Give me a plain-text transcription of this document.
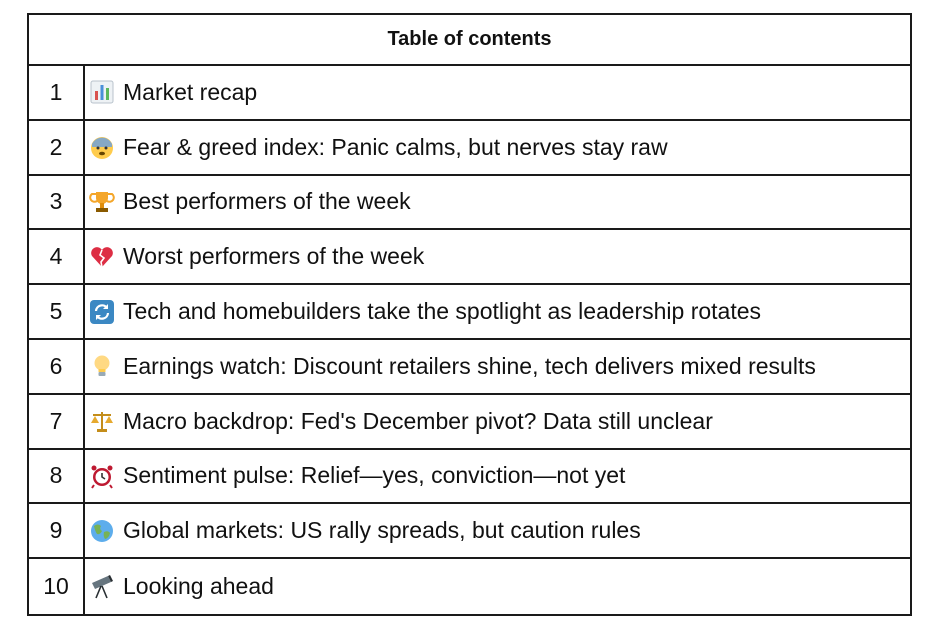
Table of contents
1	Market recap
2	Fear & greed index: Panic calms, but nerves stay raw
3	Best performers of the week
4	Worst performers of the week
5	Tech and homebuilders take the spotlight as leadership rotates
6	Earnings watch: Discount retailers shine, tech delivers mixed results
7	Macro backdrop: Fed's December pivot? Data still unclear
8	Sentiment pulse: Relief—yes, conviction—not yet
9	Global markets: US rally spreads, but caution rules
10	Looking ahead
